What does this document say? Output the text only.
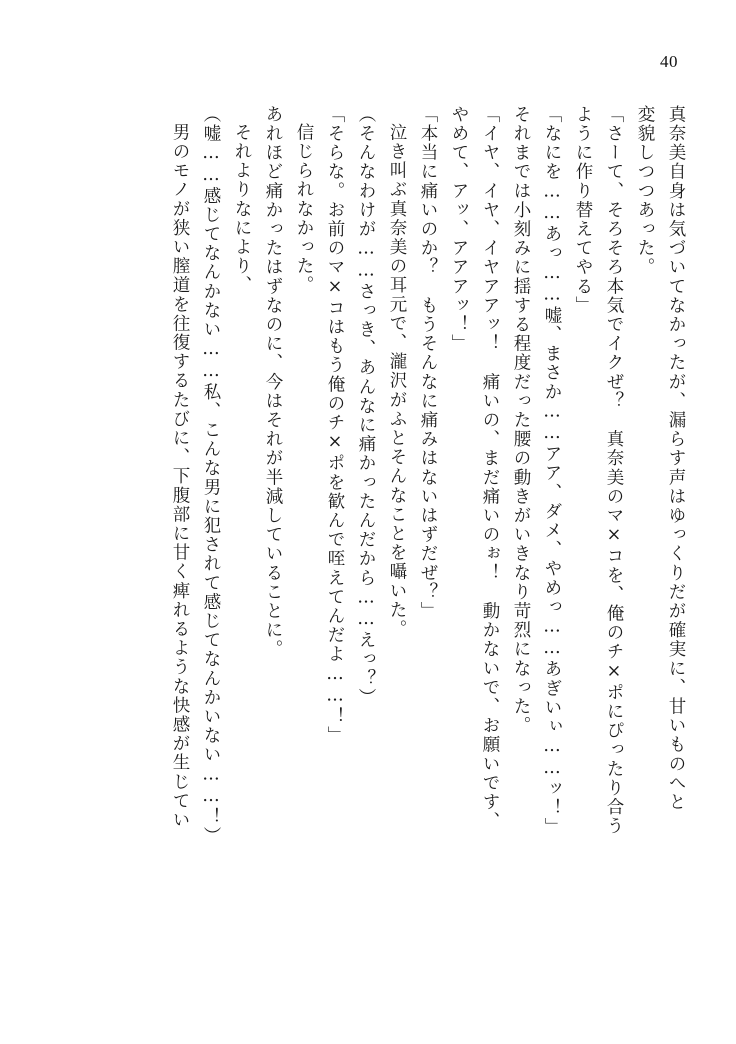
40
真奈美自身は気づいてなかったが、漏らす声はゆっくりだが確実に、甘いものへと
変貌しつつあった。
「さーて、そろそろ本気でイクぜ？　真奈美のマ×コを、俺のチ×ポにぴったり合う
ように作り替えてやる」
「なにを……あっ……嘘、まさか……アア、ダメ、やめっ……あぎいぃ……ッ！」
それまでは小刻みに揺する程度だった腰の動きがいきなり苛烈になった。
「イヤ、イヤ、イヤアアッ！　痛いの、まだ痛いのぉ！　動かないで、お願いです、
やめて、アッ、アアアッ！」
「本当に痛いのか？　もうそんなに痛みはないはずだぜ？」
泣き叫ぶ真奈美の耳元で、瀧沢がふとそんなことを囁いた。
（そんなわけが……さっき、あんなに痛かったんだから……えっ？）
「そらな。お前のマ×コはもう俺のチ×ポを歓んで咥えてんだよ……！」
信じられなかった。
あれほど痛かったはずなのに、今はそれが半減していることに。
それよりなにより、
（嘘……感じてなんかない……私、こんな男に犯されて感じてなんかいない……！）
男のモノが狭い膣道を往復するたびに、下腹部に甘く痺れるような快感が生じてい
